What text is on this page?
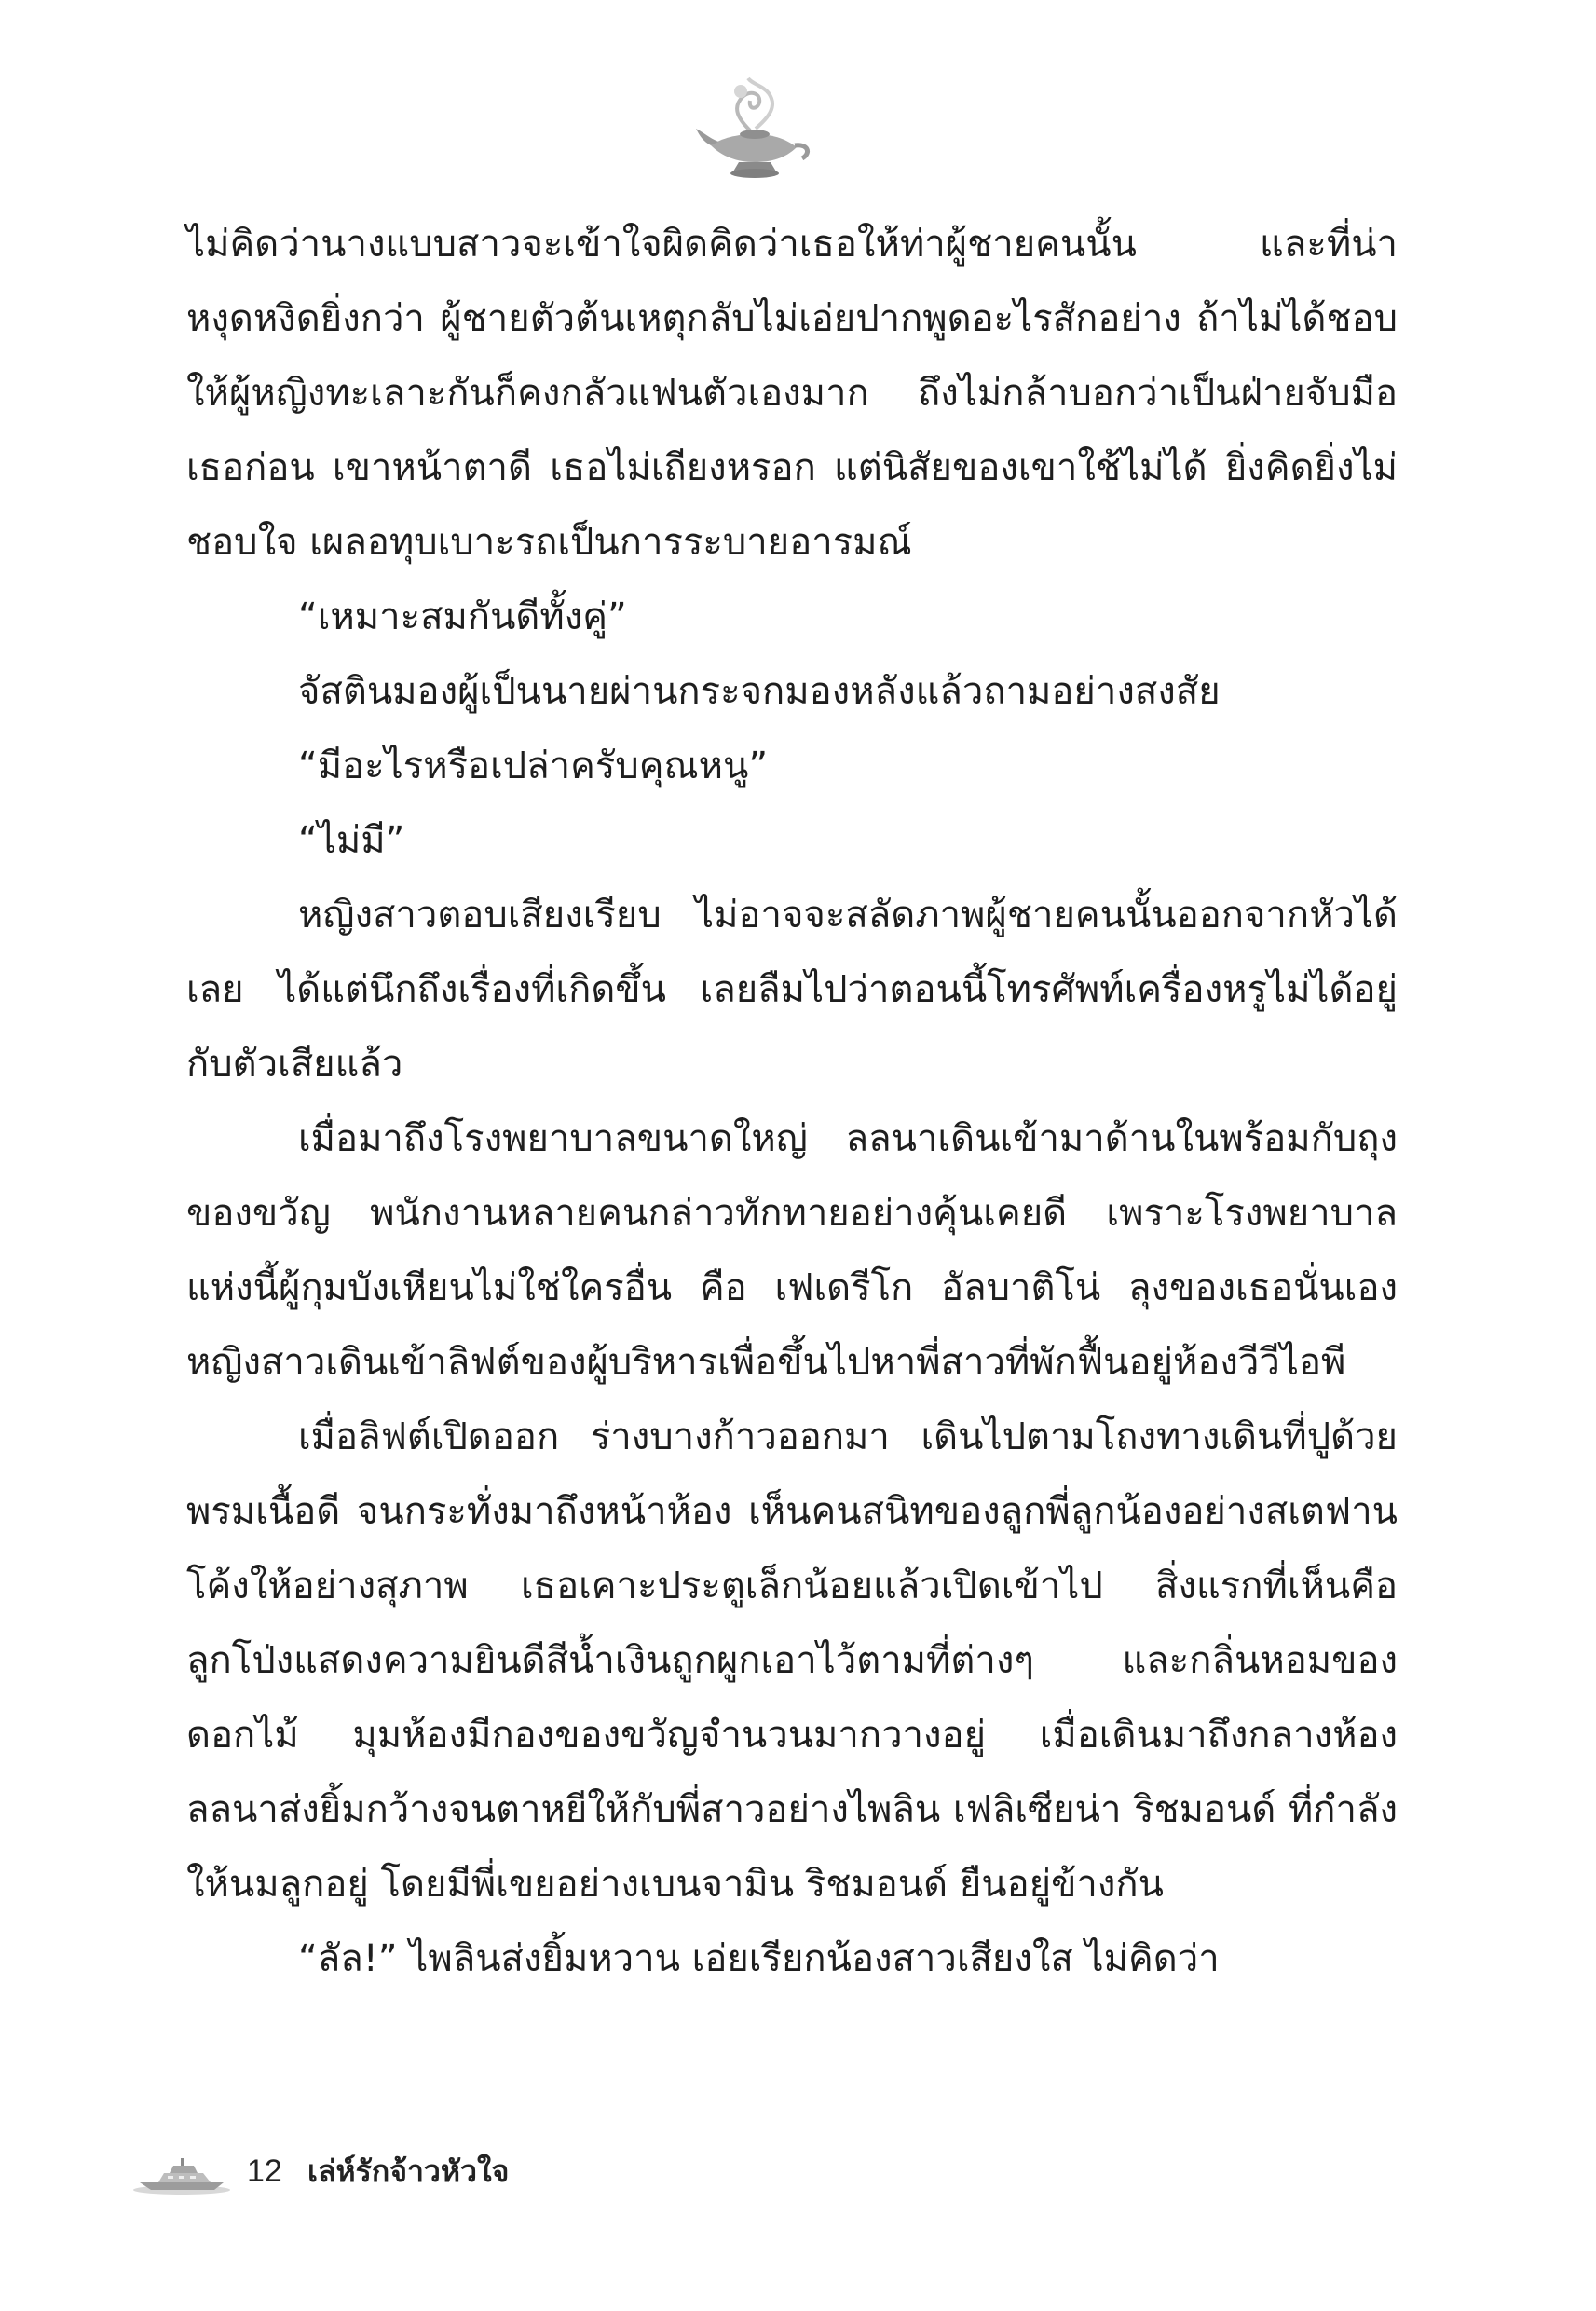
ไม่คิดว่านางแบบสาวจะเข้าใจผิดคิดว่าเธอให้ท่าผู้ชายคนนั้น และที่น่าหงุดหงิดยิ่งกว่า ผู้ชายตัวต้นเหตุกลับไม่เอ่ยปากพูดอะไรสักอย่าง ถ้าไม่ได้ชอบให้ผู้หญิงทะเลาะกันก็คงกลัวแฟนตัวเองมาก ถึงไม่กล้าบอกว่าเป็นฝ่ายจับมือเธอก่อน เขาหน้าตาดี เธอไม่เถียงหรอก แต่นิสัยของเขาใช้ไม่ได้ ยิ่งคิดยิ่งไม่ชอบใจ เผลอทุบเบาะรถเป็นการระบายอารมณ์

“เหมาะสมกันดีทั้งคู่”

จัสตินมองผู้เป็นนายผ่านกระจกมองหลังแล้วถามอย่างสงสัย

“มีอะไรหรือเปล่าครับคุณหนู”

“ไม่มี”

หญิงสาวตอบเสียงเรียบ ไม่อาจจะสลัดภาพผู้ชายคนนั้นออกจากหัวได้เลย ได้แต่นึกถึงเรื่องที่เกิดขึ้น เลยลืมไปว่าตอนนี้โทรศัพท์เครื่องหรูไม่ได้อยู่กับตัวเสียแล้ว

เมื่อมาถึงโรงพยาบาลขนาดใหญ่ ลลนาเดินเข้ามาด้านในพร้อมกับถุงของขวัญ พนักงานหลายคนกล่าวทักทายอย่างคุ้นเคยดี เพราะโรงพยาบาลแห่งนี้ผู้กุมบังเหียนไม่ใช่ใครอื่น คือ เฟเดรีโก อัลบาติโน่ ลุงของเธอนั่นเอง หญิงสาวเดินเข้าลิฟต์ของผู้บริหารเพื่อขึ้นไปหาพี่สาวที่พักฟื้นอยู่ห้องวีวีไอพี

เมื่อลิฟต์เปิดออก ร่างบางก้าวออกมา เดินไปตามโถงทางเดินที่ปูด้วยพรมเนื้อดี จนกระทั่งมาถึงหน้าห้อง เห็นคนสนิทของลูกพี่ลูกน้องอย่างสเตฟานโค้งให้อย่างสุภาพ เธอเคาะประตูเล็กน้อยแล้วเปิดเข้าไป สิ่งแรกที่เห็นคือลูกโป่งแสดงความยินดีสีน้ำเงินถูกผูกเอาไว้ตามที่ต่างๆ และกลิ่นหอมของดอกไม้ มุมห้องมีกองของขวัญจำนวนมากวางอยู่ เมื่อเดินมาถึงกลางห้อง ลลนาส่งยิ้มกว้างจนตาหยีให้กับพี่สาวอย่างไพลิน เฟลิเซียน่า ริชมอนด์ ที่กำลังให้นมลูกอยู่ โดยมีพี่เขยอย่างเบนจามิน ริชมอนด์ ยืนอยู่ข้างกัน

“ลัล!” ไพลินส่งยิ้มหวาน เอ่ยเรียกน้องสาวเสียงใส ไม่คิดว่า

12 เล่ห์รักจ้าวหัวใจ
